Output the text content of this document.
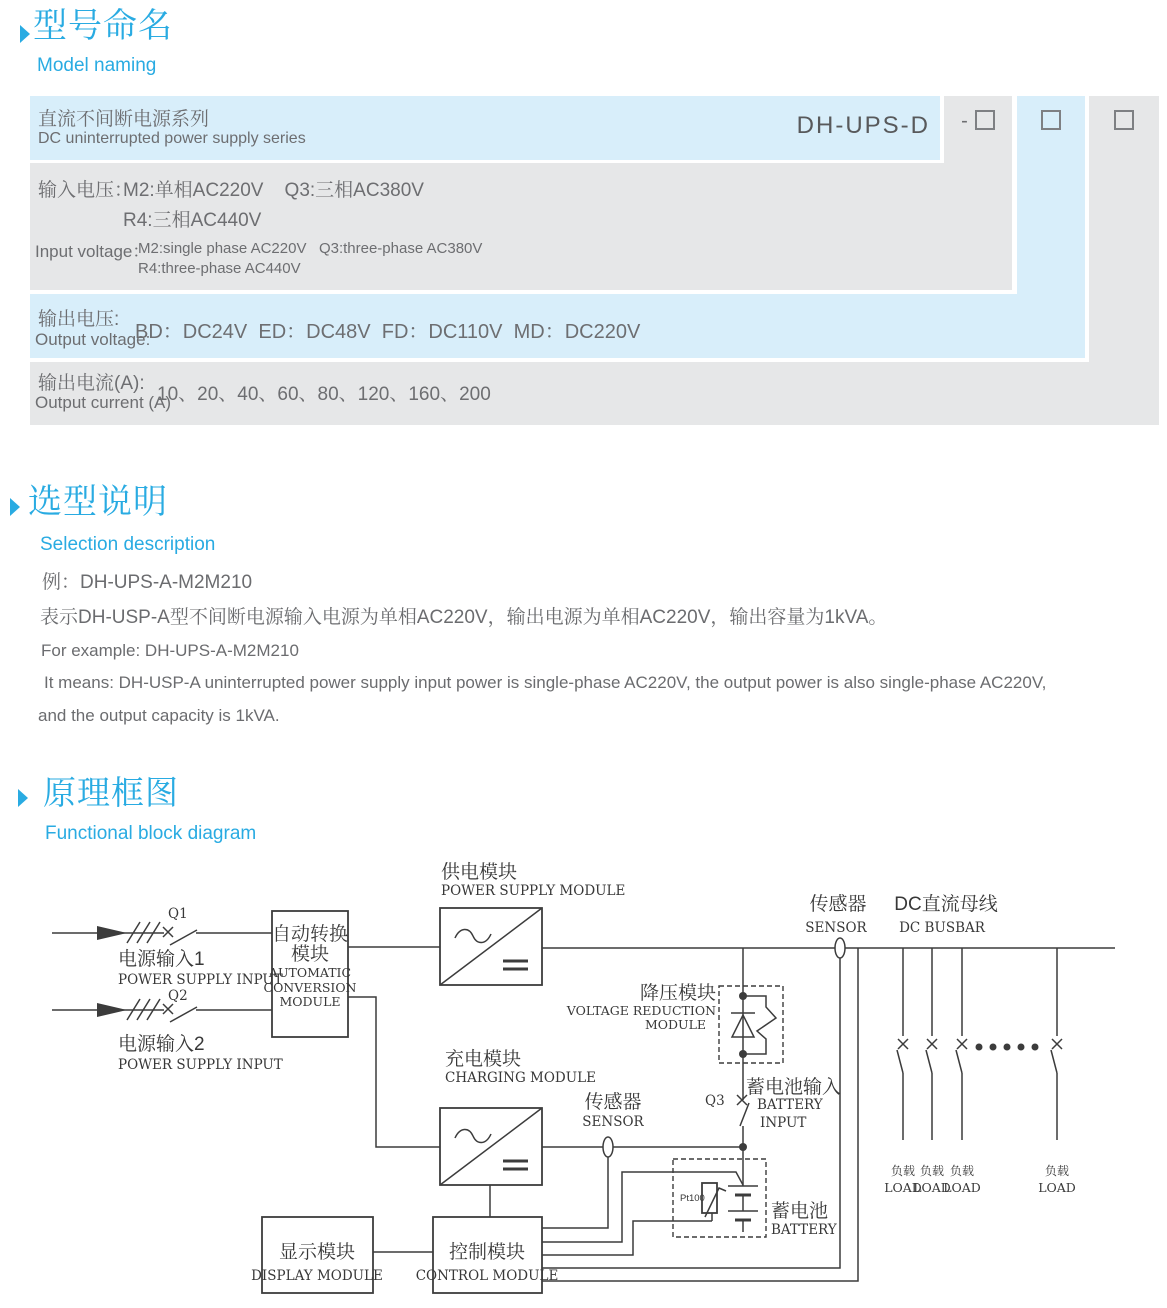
型号命名
Model naming
直流不间断电源系列
DC uninterrupted power supply series	DH-UPS-D	-
输入电压：
M2:单相AC220V    Q3:三相AC380V
R4:三相AC440V
Input voltage：
M2:single phase AC220V   Q3:three-phase AC380V
R4:three-phase AC440V
输出电压:
Output voltage:
BD：DC24V  ED：DC48V  FD：DC110V  MD：DC220V
输出电流(A):
Output current (A)
10、20、40、60、80、120、160、200
选型说明
Selection description
例：DH-UPS-A-M2M210
表示DH-USP-A型不间断电源输入电源为单相AC220V，输出电源为单相AC220V，输出容量为1kVA。
For example: DH-UPS-A-M2M210
It means: DH-USP-A uninterrupted power supply input power is single-phase AC220V, the output power is also single-phase AC220V,
and the output capacity is 1kVA.
原理框图
Functional block diagram
供电模块
POWER SUPPLY MODULE
Q1
Q2
电源输入1
POWER SUPPLY INPUT
电源输入2
POWER SUPPLY INPUT
自动转换
模块
AUTOMATIC
CONVERSION
MODULE
充电模块
CHARGING MODULE
传感器
SENSOR
Q3
蓄电池输入
BATTERY
INPUT
传感器
SENSOR
DC直流母线
DC BUSBAR
降压模块
VOLTAGE REDUCTION
MODULE
Pt100
蓄电池
BATTERY
显示模块
DISPLAY MODULE
控制模块
CONTROL MODULE
负载 负载 负载	负载
LOAD
LOAD
LOAD	LOAD
